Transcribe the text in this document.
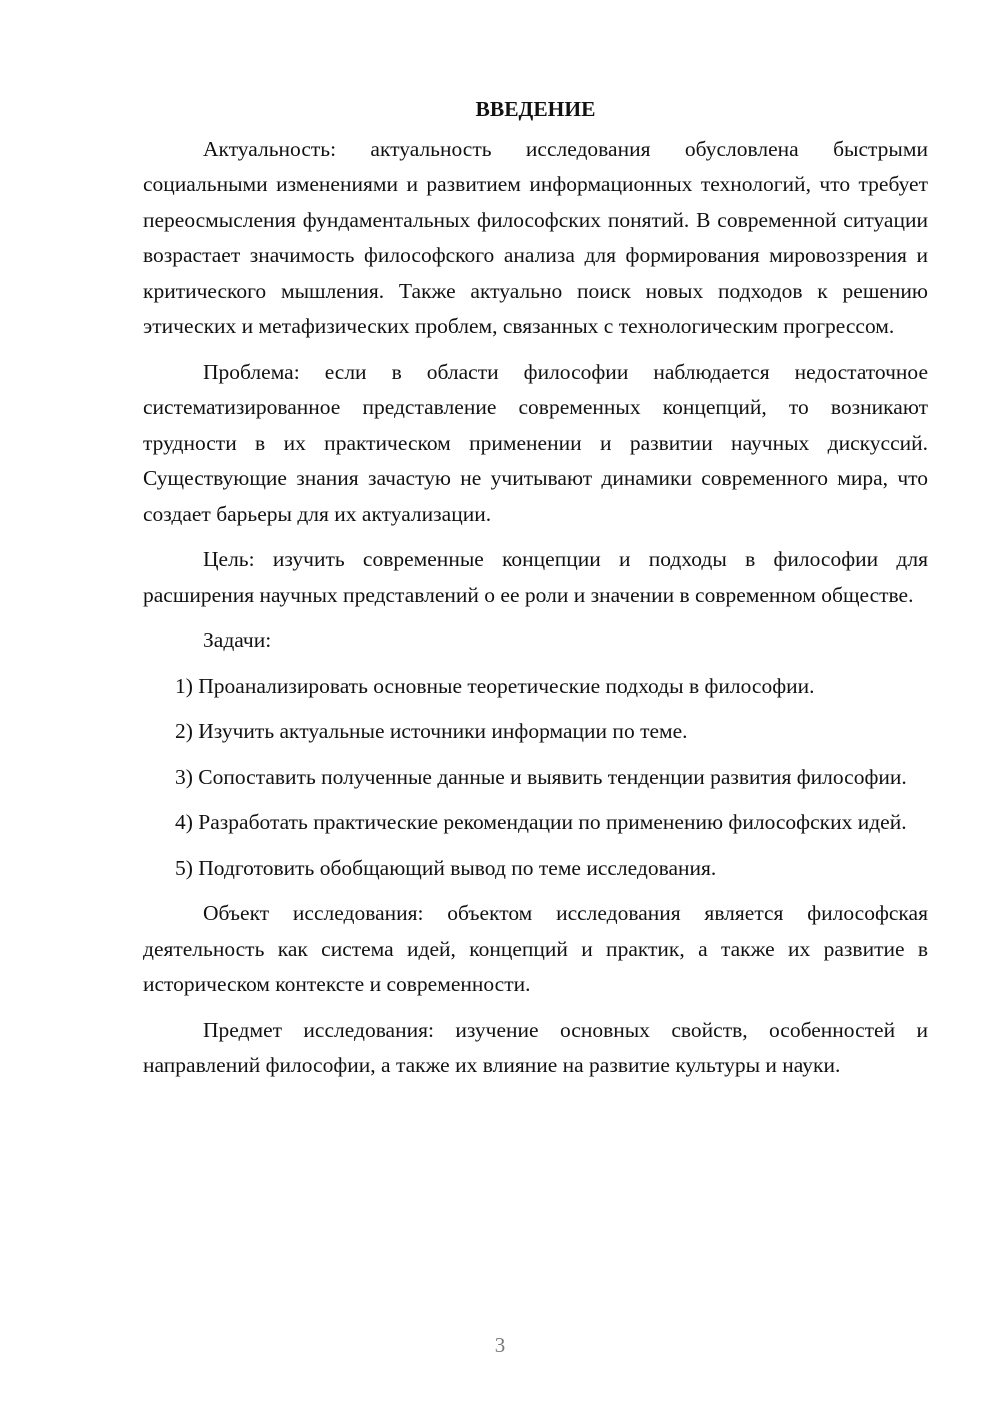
ВВЕДЕНИЕ

Актуальность: актуальность исследования обусловлена быстрыми социальными изменениями и развитием информационных технологий, что требует переосмысления фундаментальных философских понятий. В современной ситуации возрастает значимость философского анализа для формирования мировоззрения и критического мышления. Также актуально поиск новых подходов к решению этических и метафизических проблем, связанных с технологическим прогрессом.

Проблема: если в области философии наблюдается недостаточное систематизированное представление современных концепций, то возникают трудности в их практическом применении и развитии научных дискуссий. Существующие знания зачастую не учитывают динамики современного мира, что создает барьеры для их актуализации.

Цель: изучить современные концепции и подходы в философии для расширения научных представлений о ее роли и значении в современном обществе.

Задачи:

1) Проанализировать основные теоретические подходы в философии.

2) Изучить актуальные источники информации по теме.

3) Сопоставить полученные данные и выявить тенденции развития философии.

4) Разработать практические рекомендации по применению философских идей.

5) Подготовить обобщающий вывод по теме исследования.

Объект исследования: объектом исследования является философская деятельность как система идей, концепций и практик, а также их развитие в историческом контексте и современности.

Предмет исследования: изучение основных свойств, особенностей и направлений философии, а также их влияние на развитие культуры и науки.

3
